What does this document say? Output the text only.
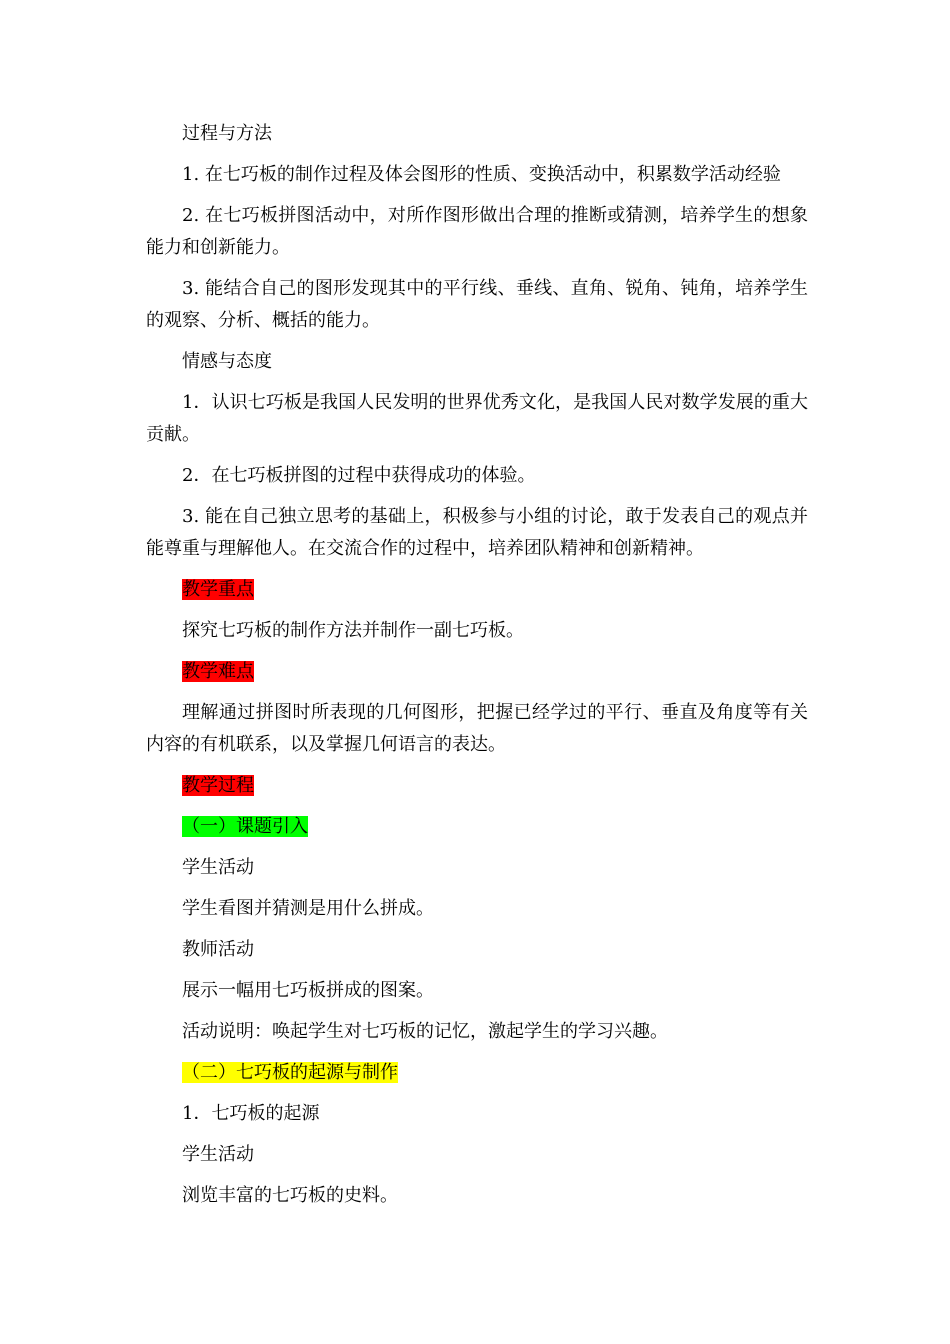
过程与方法

1. 在七巧板的制作过程及体会图形的性质、变换活动中，积累数学活动经验

2. 在七巧板拼图活动中，对所作图形做出合理的推断或猜测，培养学生的想象能力和创新能力。

3. 能结合自己的图形发现其中的平行线、垂线、直角、锐角、钝角，培养学生的观察、分析、概括的能力。

情感与态度

1．认识七巧板是我国人民发明的世界优秀文化，是我国人民对数学发展的重大贡献。

2．在七巧板拼图的过程中获得成功的体验。

3. 能在自己独立思考的基础上，积极参与小组的讨论，敢于发表自己的观点并能尊重与理解他人。在交流合作的过程中，培养团队精神和创新精神。

教学重点

探究七巧板的制作方法并制作一副七巧板。

教学难点

理解通过拼图时所表现的几何图形，把握已经学过的平行、垂直及角度等有关内容的有机联系，以及掌握几何语言的表达。

教学过程

（一）课题引入

学生活动

学生看图并猜测是用什么拼成。

教师活动

展示一幅用七巧板拼成的图案。

活动说明：唤起学生对七巧板的记忆，激起学生的学习兴趣。

（二）七巧板的起源与制作

1．七巧板的起源

学生活动

浏览丰富的七巧板的史料。
